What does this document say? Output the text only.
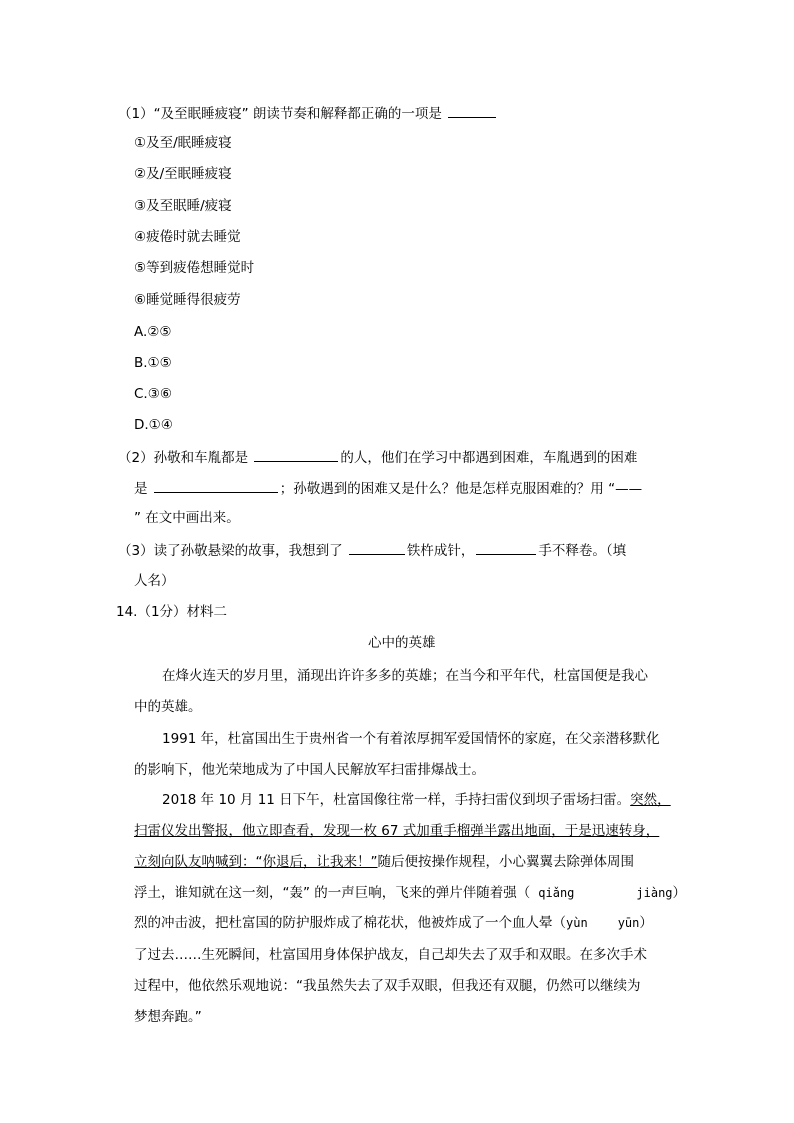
（1）“及至眠睡疲寝” 朗读节奏和解释都正确的一项是
①及至/眠睡疲寝
②及/至眠睡疲寝
③及至眠睡/疲寝
④疲倦时就去睡觉
⑤等到疲倦想睡觉时
⑥睡觉睡得很疲劳
A.②⑤
B.①⑤
C.③⑥
D.①④
（2）孙敬和车胤都是	的人，他们在学习中都遇到困难，车胤遇到的困难
是	；孙敬遇到的困难又是什么？他是怎样克服困难的？用 “——
” 在文中画出来。
（3）读了孙敬悬梁的故事，我想到了	铁杵成针，	手不释卷。（填
人名）
14.（1分）材料二
心中的英雄
在烽火连天的岁月里，涌现出许许多多的英雄；在当今和平年代，杜富国便是我心
中的英雄。
1991 年，杜富国出生于贵州省一个有着浓厚拥军爱国情怀的家庭，在父亲潜移默化
的影响下，他光荣地成为了中国人民解放军扫雷排爆战士。
2018 年 10 月 11 日下午，杜富国像往常一样，手持扫雷仪到坝子雷场扫雷。突然，
扫雷仪发出警报，他立即查看，发现一枚 67 式加重手榴弹半露出地面，于是迅速转身，
立刻向队友呐喊到：“你退后，让我来！”随后便按操作规程，小心翼翼去除弹体周围
浮土，谁知就在这一刻，“轰” 的一声巨响，飞来的弹片伴随着强（ qiǎng	jiàng）
烈的冲击波，把杜富国的防护服炸成了棉花状，他被炸成了一个血人晕（yùn	yūn）
了过去……生死瞬间，杜富国用身体保护战友，自己却失去了双手和双眼。在多次手术
过程中，他依然乐观地说：“我虽然失去了双手双眼，但我还有双腿，仍然可以继续为
梦想奔跑。”
